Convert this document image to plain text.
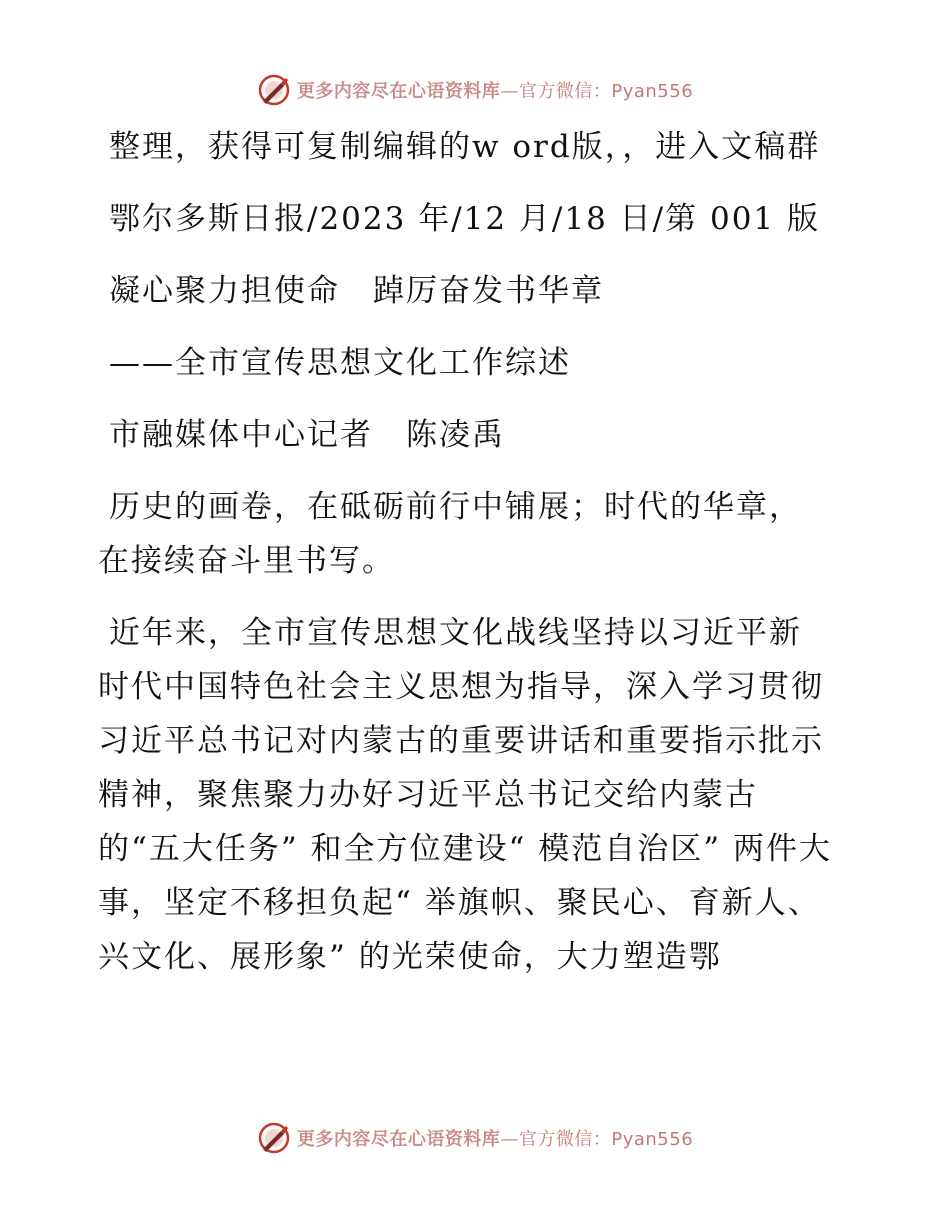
更多内容尽在心语资料库—官方微信：Pyan556

整理，获得可复制编辑的w ord版，，进入文稿群

鄂尔多斯日报/2023 年/12 月/18 日/第 001 版

凝心聚力担使命　踔厉奋发书华章

——全市宣传思想文化工作综述

市融媒体中心记者　陈凌禹

历史的画卷，在砥砺前行中铺展；时代的华章，在接续奋斗里书写。

近年来，全市宣传思想文化战线坚持以习近平新时代中国特色社会主义思想为指导，深入学习贯彻习近平总书记对内蒙古的重要讲话和重要指示批示精神，聚焦聚力办好习近平总书记交给内蒙古的“五大任务” 和全方位建设“ 模范自治区” 两件大事，坚定不移担负起“ 举旗帜、聚民心、育新人、兴文化、展形象” 的光荣使命，大力塑造鄂

更多内容尽在心语资料库—官方微信：Pyan556
